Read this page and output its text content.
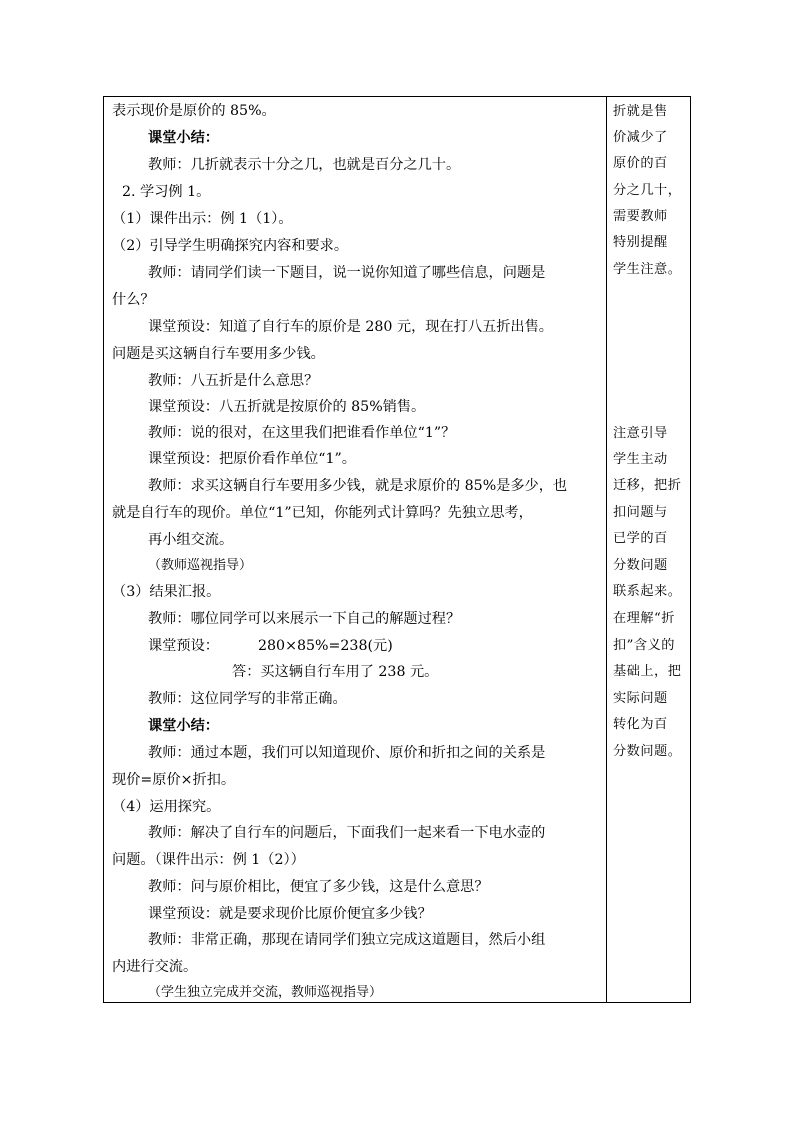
表示现价是原价的 85%。
课堂小结：
教师：几折就表示十分之几，也就是百分之几十。
2. 学习例 1。
（1）课件出示：例 1（1）。
（2）引导学生明确探究内容和要求。
教师：请同学们读一下题目，说一说你知道了哪些信息，问题是
什么？
课堂预设：知道了自行车的原价是 280 元，现在打八五折出售。
问题是买这辆自行车要用多少钱。
教师：八五折是什么意思？
课堂预设：八五折就是按原价的 85%销售。
教师：说的很对，在这里我们把谁看作单位“1”？
课堂预设：把原价看作单位“1”。
教师：求买这辆自行车要用多少钱，就是求原价的 85%是多少，也
就是自行车的现价。单位“1”已知，你能列式计算吗？先独立思考，
再小组交流。
（教师巡视指导）
（3）结果汇报。
教师：哪位同学可以来展示一下自己的解题过程？
课堂预设：	280×85%=238(元)
答：买这辆自行车用了 238 元。
教师：这位同学写的非常正确。
课堂小结：
教师：通过本题，我们可以知道现价、原价和折扣之间的关系是
现价=原价×折扣。
（4）运用探究。
教师：解决了自行车的问题后，下面我们一起来看一下电水壶的
问题。（课件出示：例 1（2））
教师：问与原价相比，便宜了多少钱，这是什么意思？
课堂预设：就是要求现价比原价便宜多少钱？
教师：非常正确，那现在请同学们独立完成这道题目，然后小组
内进行交流。
（学生独立完成并交流，教师巡视指导）
折就是售
价减少了
原价的百
分之几十，
需要教师
特别提醒
学生注意。
注意引导
学生主动
迁移，把折
扣问题与
已学的百
分数问题
联系起来。
在理解“折
扣”含义的
基础上，把
实际问题
转化为百
分数问题。
